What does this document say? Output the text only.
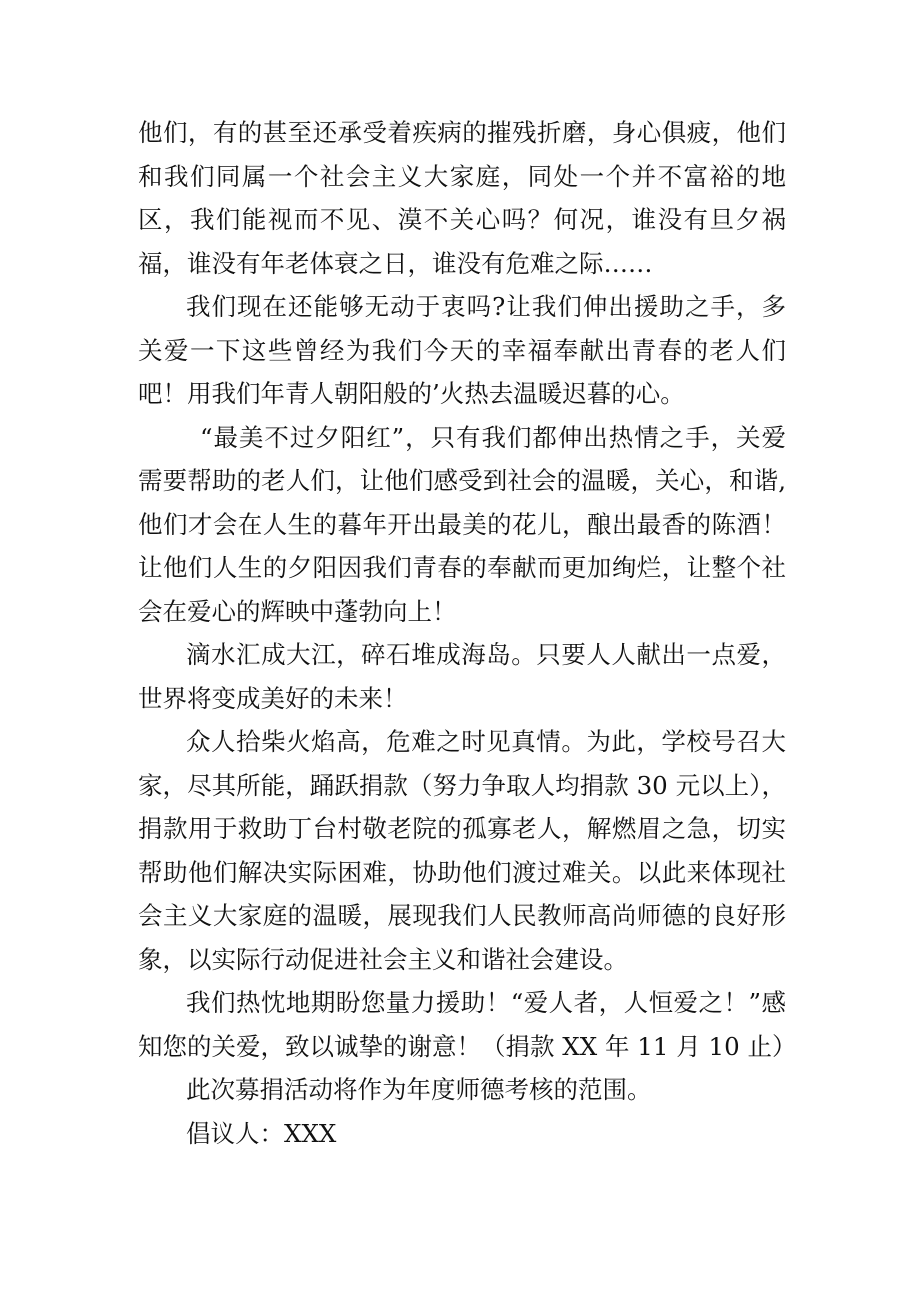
他们，有的甚至还承受着疾病的摧残折磨，身心俱疲，他们和我们同属一个社会主义大家庭，同处一个并不富裕的地区，我们能视而不见、漠不关心吗？何况，谁没有旦夕祸福，谁没有年老体衰之日，谁没有危难之际……

我们现在还能够无动于衷吗?让我们伸出援助之手，多关爱一下这些曾经为我们今天的幸福奉献出青春的老人们吧！用我们年青人朝阳般的’火热去温暖迟暮的心。

“最美不过夕阳红”，只有我们都伸出热情之手，关爱需要帮助的老人们，让他们感受到社会的温暖，关心，和谐,他们才会在人生的暮年开出最美的花儿，酿出最香的陈酒！让他们人生的夕阳因我们青春的奉献而更加绚烂，让整个社会在爱心的辉映中蓬勃向上！

滴水汇成大江，碎石堆成海岛。只要人人献出一点爱，世界将变成美好的未来！

众人拾柴火焰高，危难之时见真情。为此，学校号召大家，尽其所能，踊跃捐款（努力争取人均捐款 30 元以上），捐款用于救助丁台村敬老院的孤寡老人，解燃眉之急，切实帮助他们解决实际困难，协助他们渡过难关。以此来体现社会主义大家庭的温暖，展现我们人民教师高尚师德的良好形象，以实际行动促进社会主义和谐社会建设。

我们热忱地期盼您量力援助！“爱人者，人恒爱之！”感知您的关爱，致以诚挚的谢意！（捐款 XX 年 11 月 10 止）

此次募捐活动将作为年度师德考核的范围。

倡议人：XXX
